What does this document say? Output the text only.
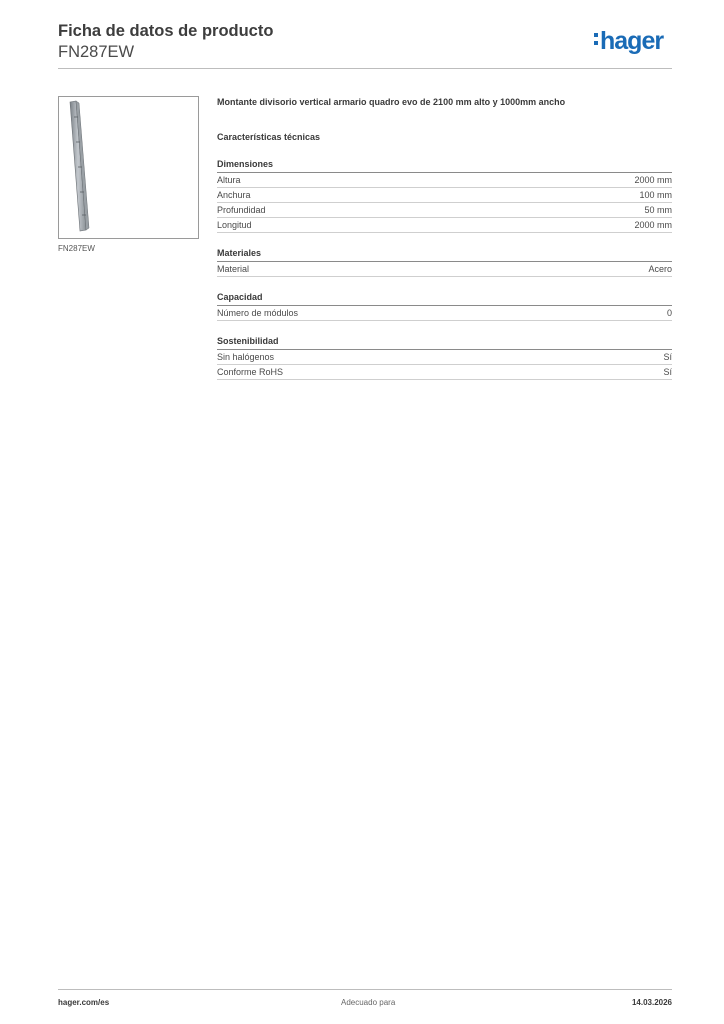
Ficha de datos de producto
FN287EW	hager
FN287EW
Montante divisorio vertical armario quadro evo de 2100 mm alto y 1000mm ancho
Características técnicas
Dimensiones
Altura	2000 mm
Anchura	100 mm
Profundidad	50 mm
Longitud	2000 mm
Materiales
Material	Acero
Capacidad
Número de módulos	0
Sostenibilidad
Sin halógenos	Sí
Conforme RoHS	Sí
hager.com/es	Adecuado para	14.03.2026
